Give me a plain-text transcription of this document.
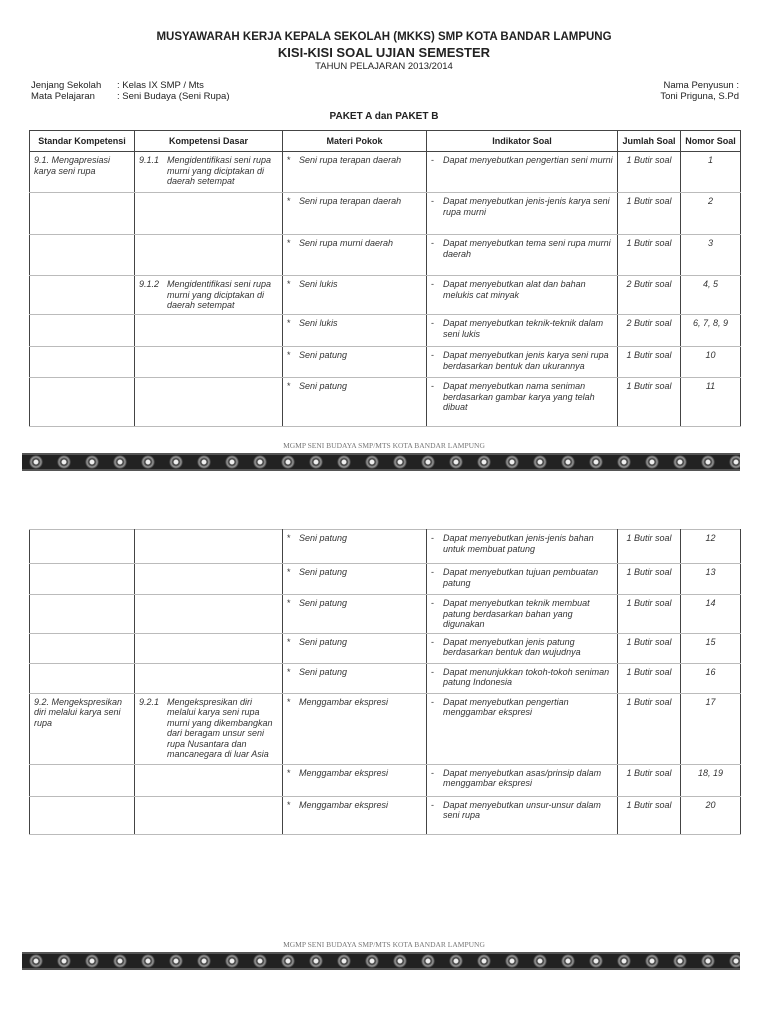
MUSYAWARAH KERJA KEPALA SEKOLAH (MKKS) SMP KOTA BANDAR LAMPUNG
KISI-KISI SOAL UJIAN SEMESTER
TAHUN PELAJARAN 2013/2014
Jenjang Sekolah
Mata Pelajaran
: Kelas IX SMP / Mts
: Seni Budaya (Seni Rupa)
Nama Penyusun :
Toni Priguna, S.Pd
PAKET A dan PAKET B
Standar Kompetensi	Kompetensi Dasar	Materi Pokok	Indikator Soal	Jumlah Soal	Nomor Soal
9.1. Mengapresiasi karya seni rupa	9.1.1 Mengidentifikasi seni rupa murni yang diciptakan di daerah setempat	* Seni rupa terapan daerah	- Dapat menyebutkan pengertian seni murni	1 Butir soal	1

		* Seni rupa terapan daerah	- Dapat menyebutkan jenis-jenis karya seni rupa murni	1 Butir soal	2

		* Seni rupa murni daerah	- Dapat menyebutkan tema seni rupa murni daerah	1 Butir soal	3

	9.1.2 Mengidentifikasi seni rupa murni yang diciptakan di daerah setempat	* Seni lukis	- Dapat menyebutkan alat dan bahan melukis cat minyak	2 Butir soal	4, 5

		* Seni lukis	- Dapat menyebutkan teknik-teknik dalam seni lukis	2 Butir soal	6, 7, 8, 9

		* Seni patung	- Dapat menyebutkan jenis karya seni rupa berdasarkan bentuk dan ukurannya	1 Butir soal	10

		* Seni patung	- Dapat menyebutkan nama seniman berdasarkan gambar karya yang telah dibuat	1 Butir soal	11
MGMP SENI BUDAYA SMP/MTS KOTA BANDAR LAMPUNG

		* Seni patung	- Dapat menyebutkan jenis-jenis bahan untuk membuat patung	1 Butir soal	12

		* Seni patung	- Dapat menyebutkan tujuan pembuatan patung	1 Butir soal	13

		* Seni patung	- Dapat menyebutkan teknik membuat patung berdasarkan bahan yang digunakan	1 Butir soal	14

		* Seni patung	- Dapat menyebutkan jenis patung berdasarkan bentuk dan wujudnya	1 Butir soal	15

		* Seni patung	- Dapat menunjukkan tokoh-tokoh seniman patung Indonesia	1 Butir soal	16
9.2. Mengekspresikan diri melalui karya seni rupa	9.2.1 Mengekspresikan diri melalui karya seni rupa murni yang dikembangkan dari beragam unsur seni rupa Nusantara dan mancanegara di luar Asia	* Menggambar ekspresi	- Dapat menyebutkan pengertian menggambar ekspresi	1 Butir soal	17

		* Menggambar ekspresi	- Dapat menyebutkan asas/prinsip dalam menggambar ekspresi	1 Butir soal	18, 19

		* Menggambar ekspresi	- Dapat menyebutkan unsur-unsur dalam seni rupa	1 Butir soal	20
MGMP SENI BUDAYA SMP/MTS KOTA BANDAR LAMPUNG
